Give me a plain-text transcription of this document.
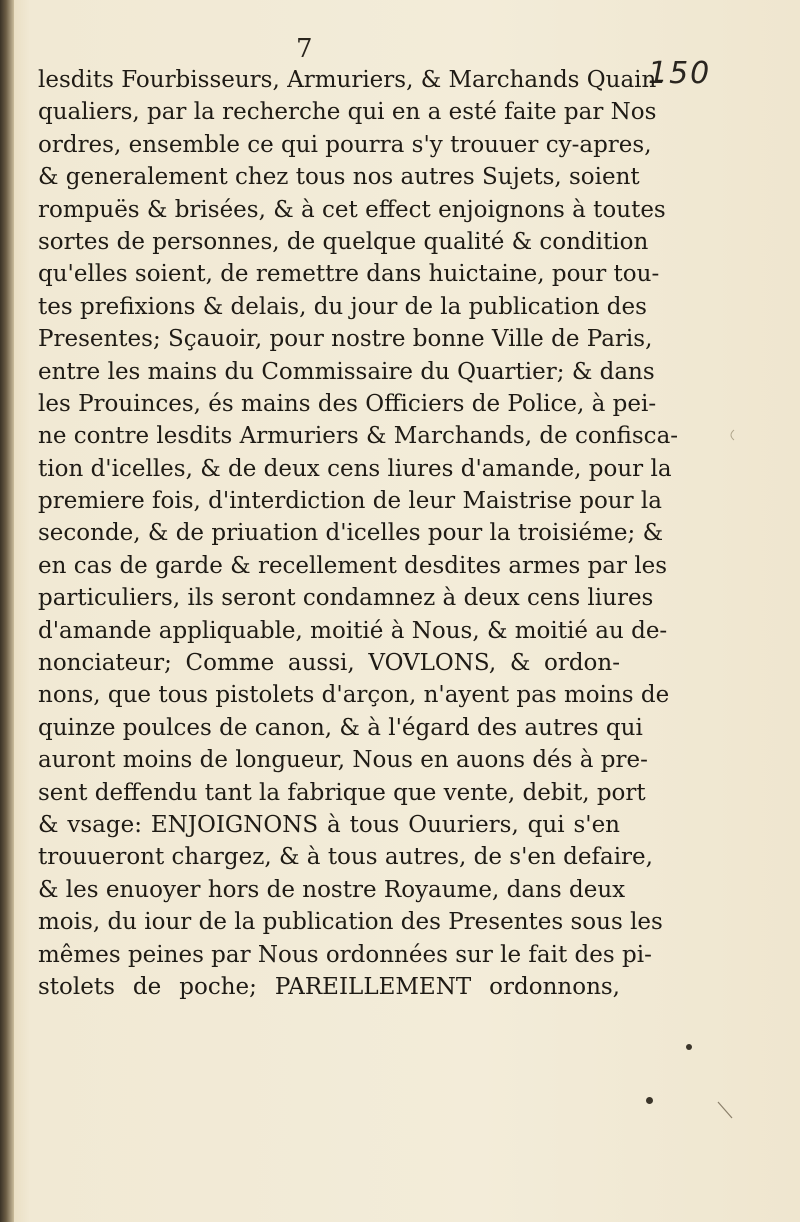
7
150
lesdits Fourbisseurs, Armuriers, & Marchands Quain-
qualiers, par la recherche qui en a esté faite par Nos
ordres, ensemble ce qui pourra s'y trouuer cy-apres,
& generalement chez tous nos autres Sujets, soient
rompuës & brisées, & à cet effect enjoignons à toutes
sortes de personnes, de quelque qualité & condition
qu'elles soient, de remettre dans huictaine, pour tou-
tes prefixions & delais, du jour de la publication des
Presentes; Sçauoir, pour nostre bonne Ville de Paris,
entre les mains du Commissaire du Quartier; & dans
les Prouinces, és mains des Officiers de Police, à pei-
ne contre lesdits Armuriers & Marchands, de confisca-
tion d'icelles, & de deux cens liures d'amande, pour la
premiere fois, d'interdiction de leur Maistrise pour la
seconde, & de priuation d'icelles pour la troisiéme; &
en cas de garde & recellement desdites armes par les
particuliers, ils seront condamnez à deux cens liures
d'amande appliquable, moitié à Nous, & moitié au de-
nonciateur; Comme aussi, VOVLONS, & ordon-
nons, que tous pistolets d'arçon, n'ayent pas moins de
quinze poulces de canon, & à l'égard des autres qui
auront moins de longueur, Nous en auons dés à pre-
sent deffendu tant la fabrique que vente, debit, port
& vsage: ENJOIGNONS à tous Ouuriers, qui s'en
trouueront chargez, & à tous autres, de s'en defaire,
& les enuoyer hors de nostre Royaume, dans deux
mois, du iour de la publication des Presentes sous les
mêmes peines par Nous ordonnées sur le fait des pi-
stolets de poche; PAREILLEMENT ordonnons,
